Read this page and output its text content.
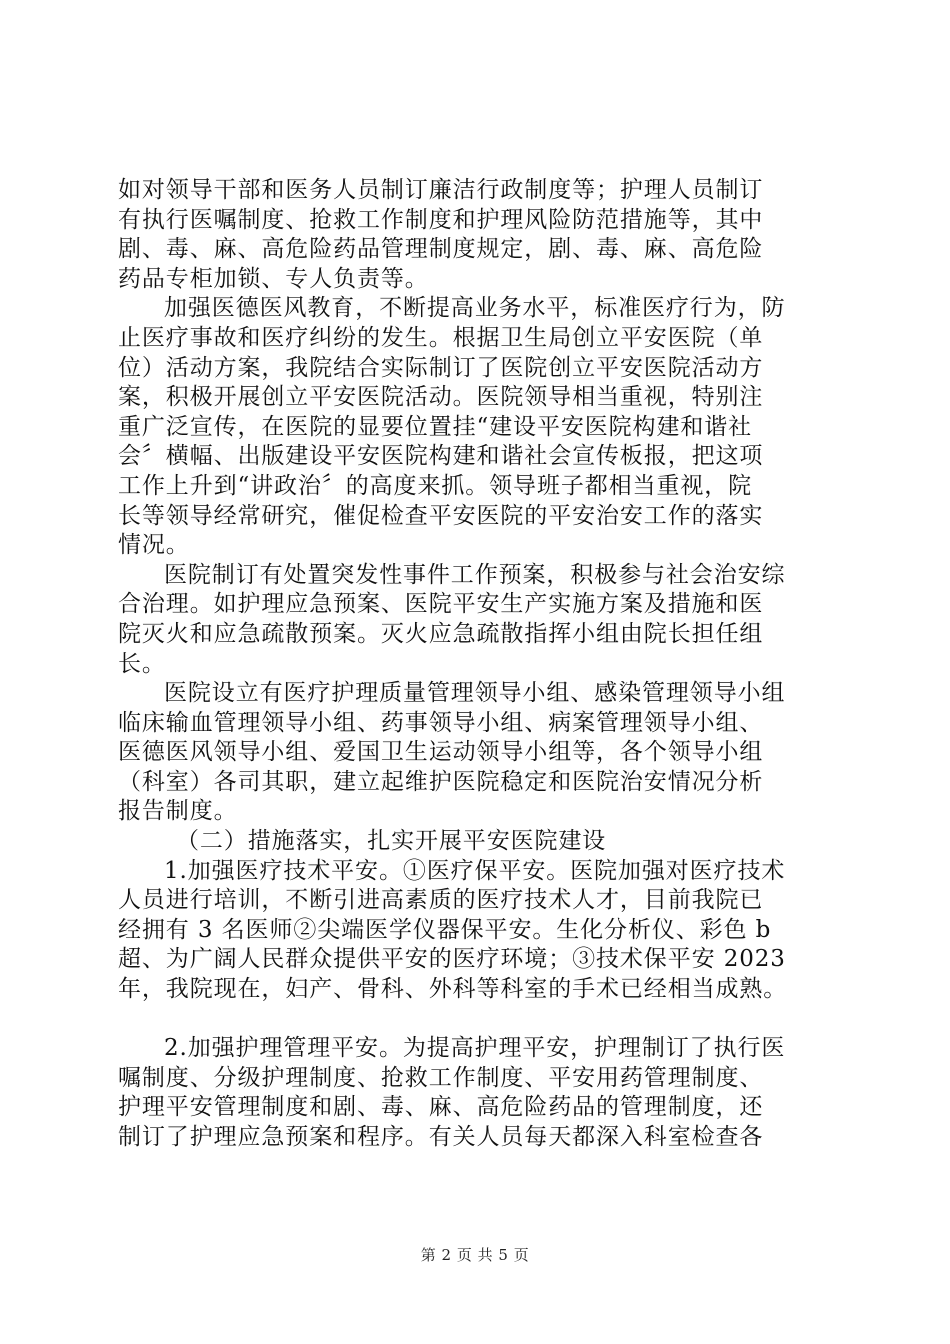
如对领导干部和医务人员制订廉洁行政制度等；护理人员制订
有执行医嘱制度、抢救工作制度和护理风险防范措施等，其中
剧、毒、麻、高危险药品管理制度规定，剧、毒、麻、高危险
药品专柜加锁、专人负责等。
加强医德医风教育，不断提高业务水平，标准医疗行为，防
止医疗事故和医疗纠纷的发生。根据卫生局创立平安医院（单
位）活动方案，我院结合实际制订了医院创立平安医院活动方
案，积极开展创立平安医院活动。医院领导相当重视，特别注
重广泛宣传，在医院的显要位置挂“建设平安医院构建和谐社
会〞横幅、出版建设平安医院构建和谐社会宣传板报，把这项
工作上升到“讲政治〞的高度来抓。领导班子都相当重视，院
长等领导经常研究，催促检查平安医院的平安治安工作的落实
情况。
医院制订有处置突发性事件工作预案，积极参与社会治安综
合治理。如护理应急预案、医院平安生产实施方案及措施和医
院灭火和应急疏散预案。灭火应急疏散指挥小组由院长担任组
长。
医院设立有医疗护理质量管理领导小组、感染管理领导小组
临床输血管理领导小组、药事领导小组、病案管理领导小组、
医德医风领导小组、爱国卫生运动领导小组等，各个领导小组
（科室）各司其职，建立起维护医院稳定和医院治安情况分析
报告制度。
（二）措施落实，扎实开展平安医院建设
1.加强医疗技术平安。①医疗保平安。医院加强对医疗技术
人员进行培训，不断引进高素质的医疗技术人才，目前我院已
经拥有 3 名医师②尖端医学仪器保平安。生化分析仪、彩色 b
超、为广阔人民群众提供平安的医疗环境；③技术保平安 2023
年，我院现在，妇产、骨科、外科等科室的手术已经相当成熟。
2.加强护理管理平安。为提高护理平安，护理制订了执行医
嘱制度、分级护理制度、抢救工作制度、平安用药管理制度、
护理平安管理制度和剧、毒、麻、高危险药品的管理制度，还
制订了护理应急预案和程序。有关人员每天都深入科室检查各
第 2 页 共 5 页
